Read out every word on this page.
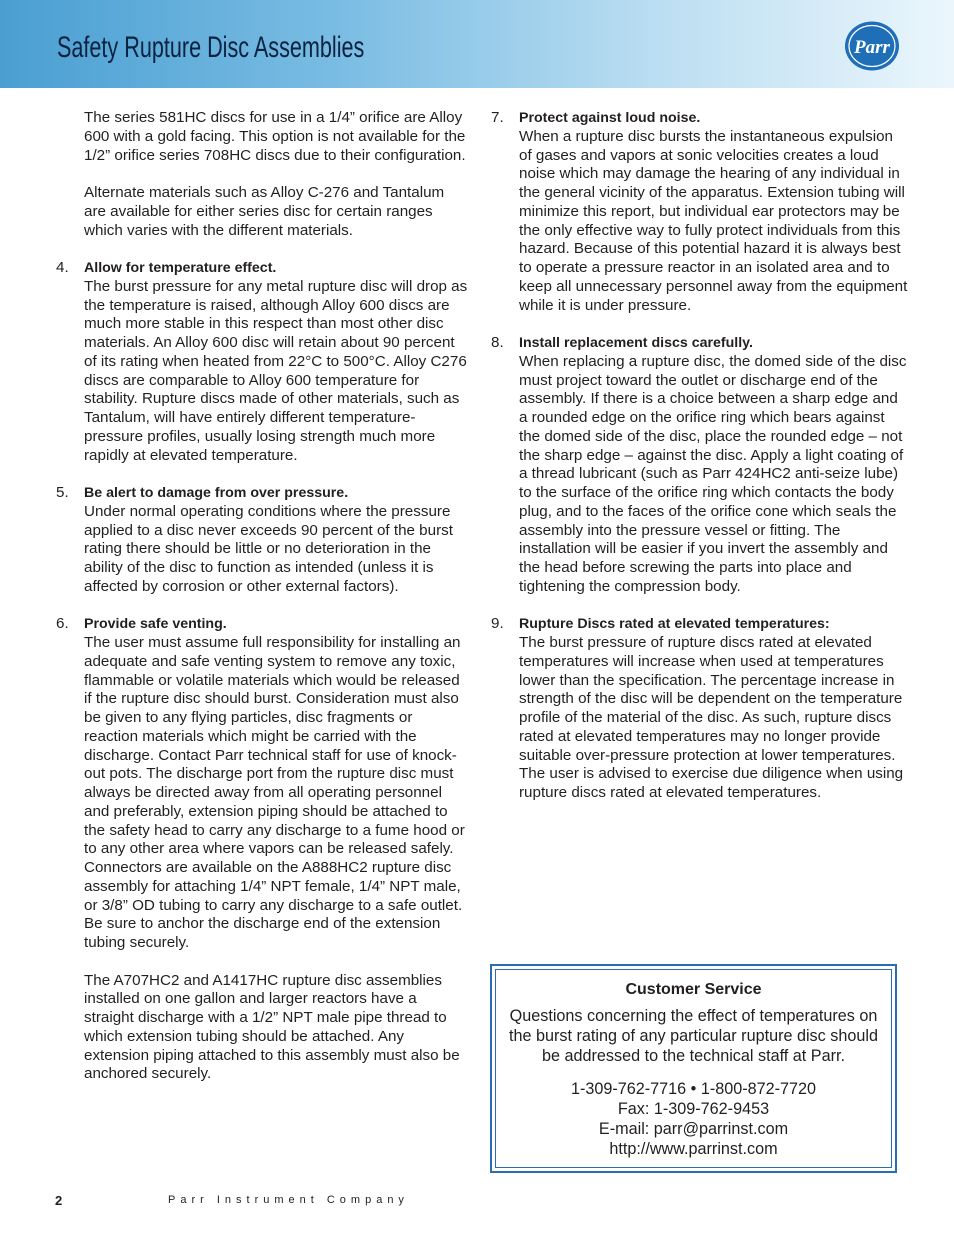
Safety Rupture Disc Assemblies	Parr

The series 581HC discs for use in a 1/4” orifice are Alloy 600 with a gold facing. This option is not available for the 1/2” orifice series 708HC discs due to their configuration.

Alternate materials such as Alloy C-276 and Tantalum are available for either series disc for certain ranges which varies with the different materials.

4. Allow for temperature effect.

The burst pressure for any metal rupture disc will drop as the temperature is raised, although Alloy 600 discs are much more stable in this respect than most other disc materials. An Alloy 600 disc will retain about 90 percent of its rating when heated from 22°C to 500°C. Alloy C276 discs are comparable to Alloy 600 temperature for stability. Rupture discs made of other materials, such as Tantalum, will have entirely different temperature-pressure profiles, usually losing strength much more rapidly at elevated temperature.

5. Be alert to damage from over pressure.

Under normal operating conditions where the pressure applied to a disc never exceeds 90 percent of the burst rating there should be little or no deterioration in the ability of the disc to function as intended (unless it is affected by corrosion or other external factors).

6. Provide safe venting.

The user must assume full responsibility for installing an adequate and safe venting system to remove any toxic, flammable or volatile materials which would be released if the rupture disc should burst. Consideration must also be given to any flying particles, disc fragments or reaction materials which might be carried with the discharge. Contact Parr technical staff for use of knock-out pots. The discharge port from the rupture disc must always be directed away from all operating personnel and preferably, extension piping should be attached to the safety head to carry any discharge to a fume hood or to any other area where vapors can be released safely. Connectors are available on the A888HC2 rupture disc assembly for attaching 1/4” NPT female, 1/4” NPT male, or 3/8” OD tubing to carry any discharge to a safe outlet. Be sure to anchor the discharge end of the extension tubing securely.

The A707HC2 and A1417HC rupture disc assemblies installed on one gallon and larger reactors have a straight discharge with a 1/2” NPT male pipe thread to which extension tubing should be attached. Any extension piping attached to this assembly must also be anchored securely.

7. Protect against loud noise.

When a rupture disc bursts the instantaneous expulsion of gases and vapors at sonic velocities creates a loud noise which may damage the hearing of any individual in the general vicinity of the apparatus. Extension tubing will minimize this report, but individual ear protectors may be the only effective way to fully protect individuals from this hazard. Because of this potential hazard it is always best to operate a pressure reactor in an isolated area and to keep all unnecessary personnel away from the equipment while it is under pressure.

8. Install replacement discs carefully.

When replacing a rupture disc, the domed side of the disc must project toward the outlet or discharge end of the assembly. If there is a choice between a sharp edge and a rounded edge on the orifice ring which bears against the domed side of the disc, place the rounded edge – not the sharp edge – against the disc. Apply a light coating of a thread lubricant (such as Parr 424HC2 anti-seize lube) to the surface of the orifice ring which contacts the body plug, and to the faces of the orifice cone which seals the assembly into the pressure vessel or fitting. The installation will be easier if you invert the assembly and the head before screwing the parts into place and tightening the compression body.

9. Rupture Discs rated at elevated temperatures:

The burst pressure of rupture discs rated at elevated temperatures will increase when used at temperatures lower than the specification. The percentage increase in strength of the disc will be dependent on the temperature profile of the material of the disc. As such, rupture discs rated at elevated temperatures may no longer provide suitable over-pressure protection at lower temperatures. The user is advised to exercise due diligence when using rupture discs rated at elevated temperatures.

Customer Service

Questions concerning the effect of temperatures on the burst rating of any particular rupture disc should be addressed to the technical staff at Parr.

1-309-762-7716 • 1-800-872-7720

Fax: 1-309-762-9453

E-mail: parr@parrinst.com

http://www.parrinst.com

2	Parr Instrument Company
